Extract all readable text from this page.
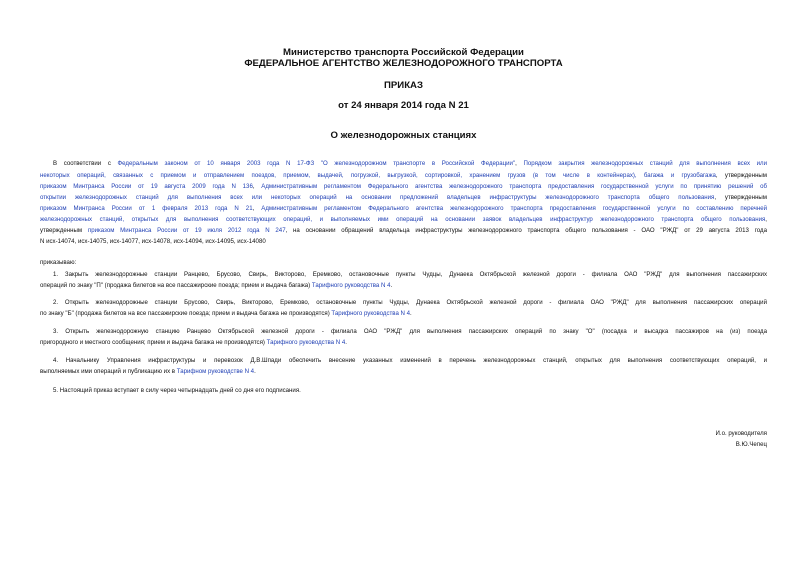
Министерство транспорта Российской Федерации
ФЕДЕРАЛЬНОЕ АГЕНТСТВО ЖЕЛЕЗНОДОРОЖНОГО ТРАНСПОРТА
ПРИКАЗ
от 24 января 2014 года N 21
О железнодорожных станциях
В соответствии с Федеральным законом от 10 января 2003 года N 17-ФЗ "О железнодорожном транспорте в Российской Федерации", Порядком закрытия железнодорожных станций для выполнения всех или
некоторых операций, связанных с приемом и отправлением поездов, приемом, выдачей, погрузкой, выгрузкой, сортировкой, хранением грузов (в том числе в контейнерах), багажа и грузобагажа, утвержденным
приказом Минтранса России от 19 августа 2009 года N 136, Административным регламентом Федерального агентства железнодорожного транспорта предоставления государственной услуги по принятию решений об
открытии железнодорожных станций для выполнения всех или некоторых операций на основании предложений владельцев инфраструктуры железнодорожного транспорта общего пользования, утвержденным
приказом Минтранса России от 1 февраля 2013 года N 21, Административным регламентом Федерального агентства железнодорожного транспорта предоставления государственной услуги по составлению перечней
железнодорожных станций, открытых для выполнения соответствующих операций, и выполняемых ими операций на основании заявок владельцев инфраструктур железнодорожного транспорта общего пользования,
утвержденным приказом Минтранса России от 19 июля 2012 года N 247, на основании обращений владельца инфраструктуры железнодорожного транспорта общего пользования - ОАО "РЖД" от 29 августа 2013 года
N исх-14074, исх-14075, исх-14077, исх-14078, исх-14094, исх-14095, исх-14080
приказываю:
1. Закрыть железнодорожные станции Ранцево, Брусово, Свирь, Викторово, Еремково, остановочные пункты Чудцы, Дунаека Октябрьской железной дороги - филиала ОАО "РЖД" для выполнения пассажирских
операций по знаку "П" (продажа билетов на все пассажирские поезда; прием и выдача багажа) Тарифного руководства N 4.
2. Открыть железнодорожные станции Брусово, Свирь, Викторово, Еремково, остановочные пункты Чудцы, Дунаека Октябрьской железной дороги - филиала ОАО "РЖД" для выполнения пассажирских операций
по знаку "Б" (продажа билетов на все пассажирские поезда; прием и выдача багажа не производятся) Тарифного руководства N 4.
3. Открыть железнодорожную станцию Ранцево Октябрьской железной дороги - филиала ОАО "РЖД" для выполнения пассажирских операций по знаку "О" (посадка и высадка пассажиров на (из) поезда
пригородного и местного сообщения; прием и выдача багажа не производятся) Тарифного руководства N 4.
4. Начальнику Управления инфраструктуры и перевозок Д.В.Шпади обеспечить внесение указанных изменений в перечень железнодорожных станций, открытых для выполнения соответствующих операций, и
выполняемых ими операций и публикацию их в Тарифном руководстве N 4.
5. Настоящий приказ вступает в силу через четырнадцать дней со дня его подписания.
И.о. руководителя
В.Ю.Чепец
